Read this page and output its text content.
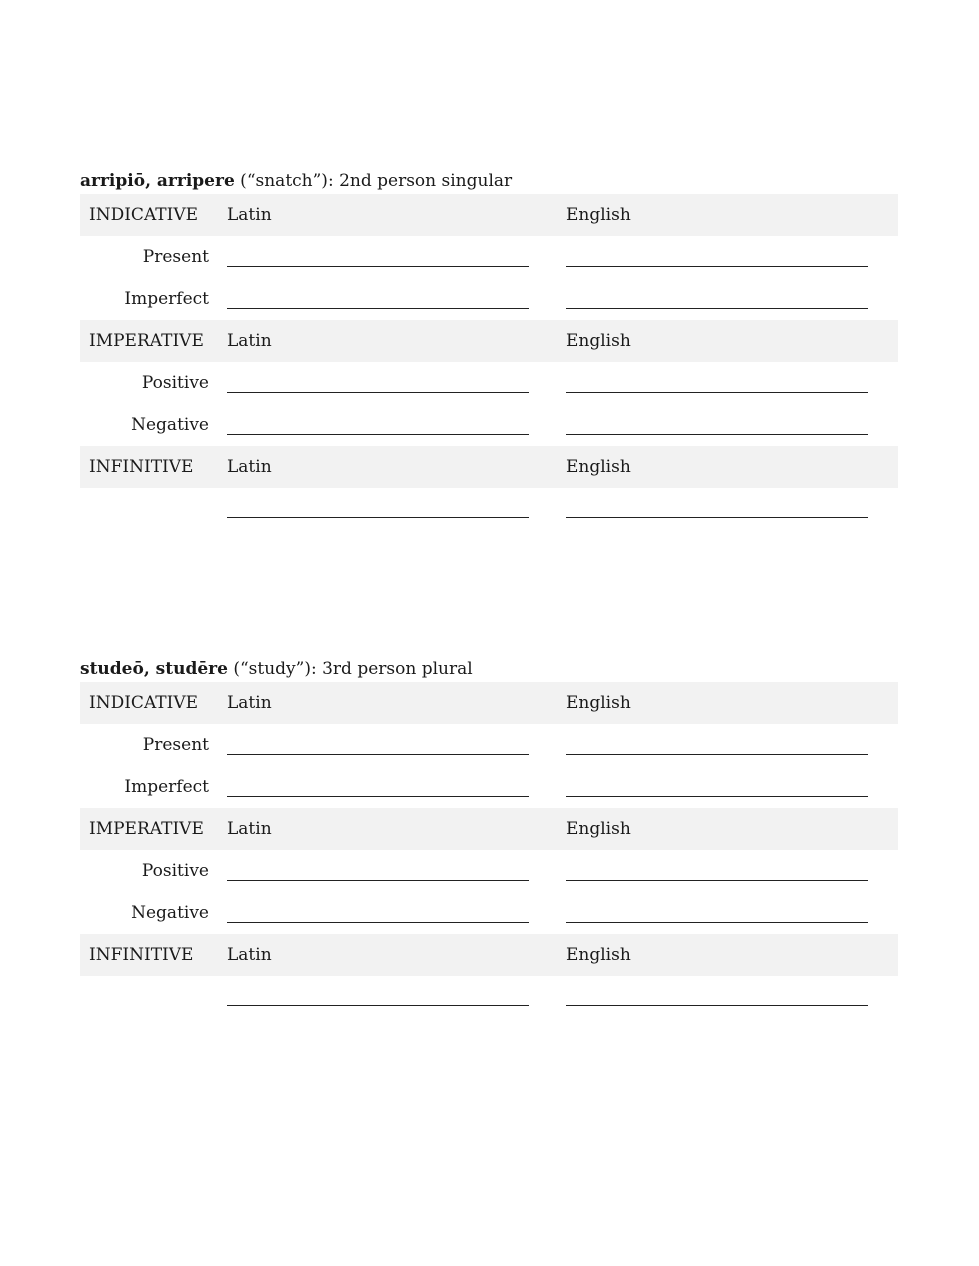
arripiō, arripere (“snatch”): 2nd person singular
INDICATIVE Latin	English
Present
Imperfect
IMPERATIVE Latin	English
Positive
Negative
INFINITIVE Latin	English
studeō, studēre (“study”): 3rd person plural
INDICATIVE Latin	English
Present
Imperfect
IMPERATIVE Latin	English
Positive
Negative
INFINITIVE Latin	English
